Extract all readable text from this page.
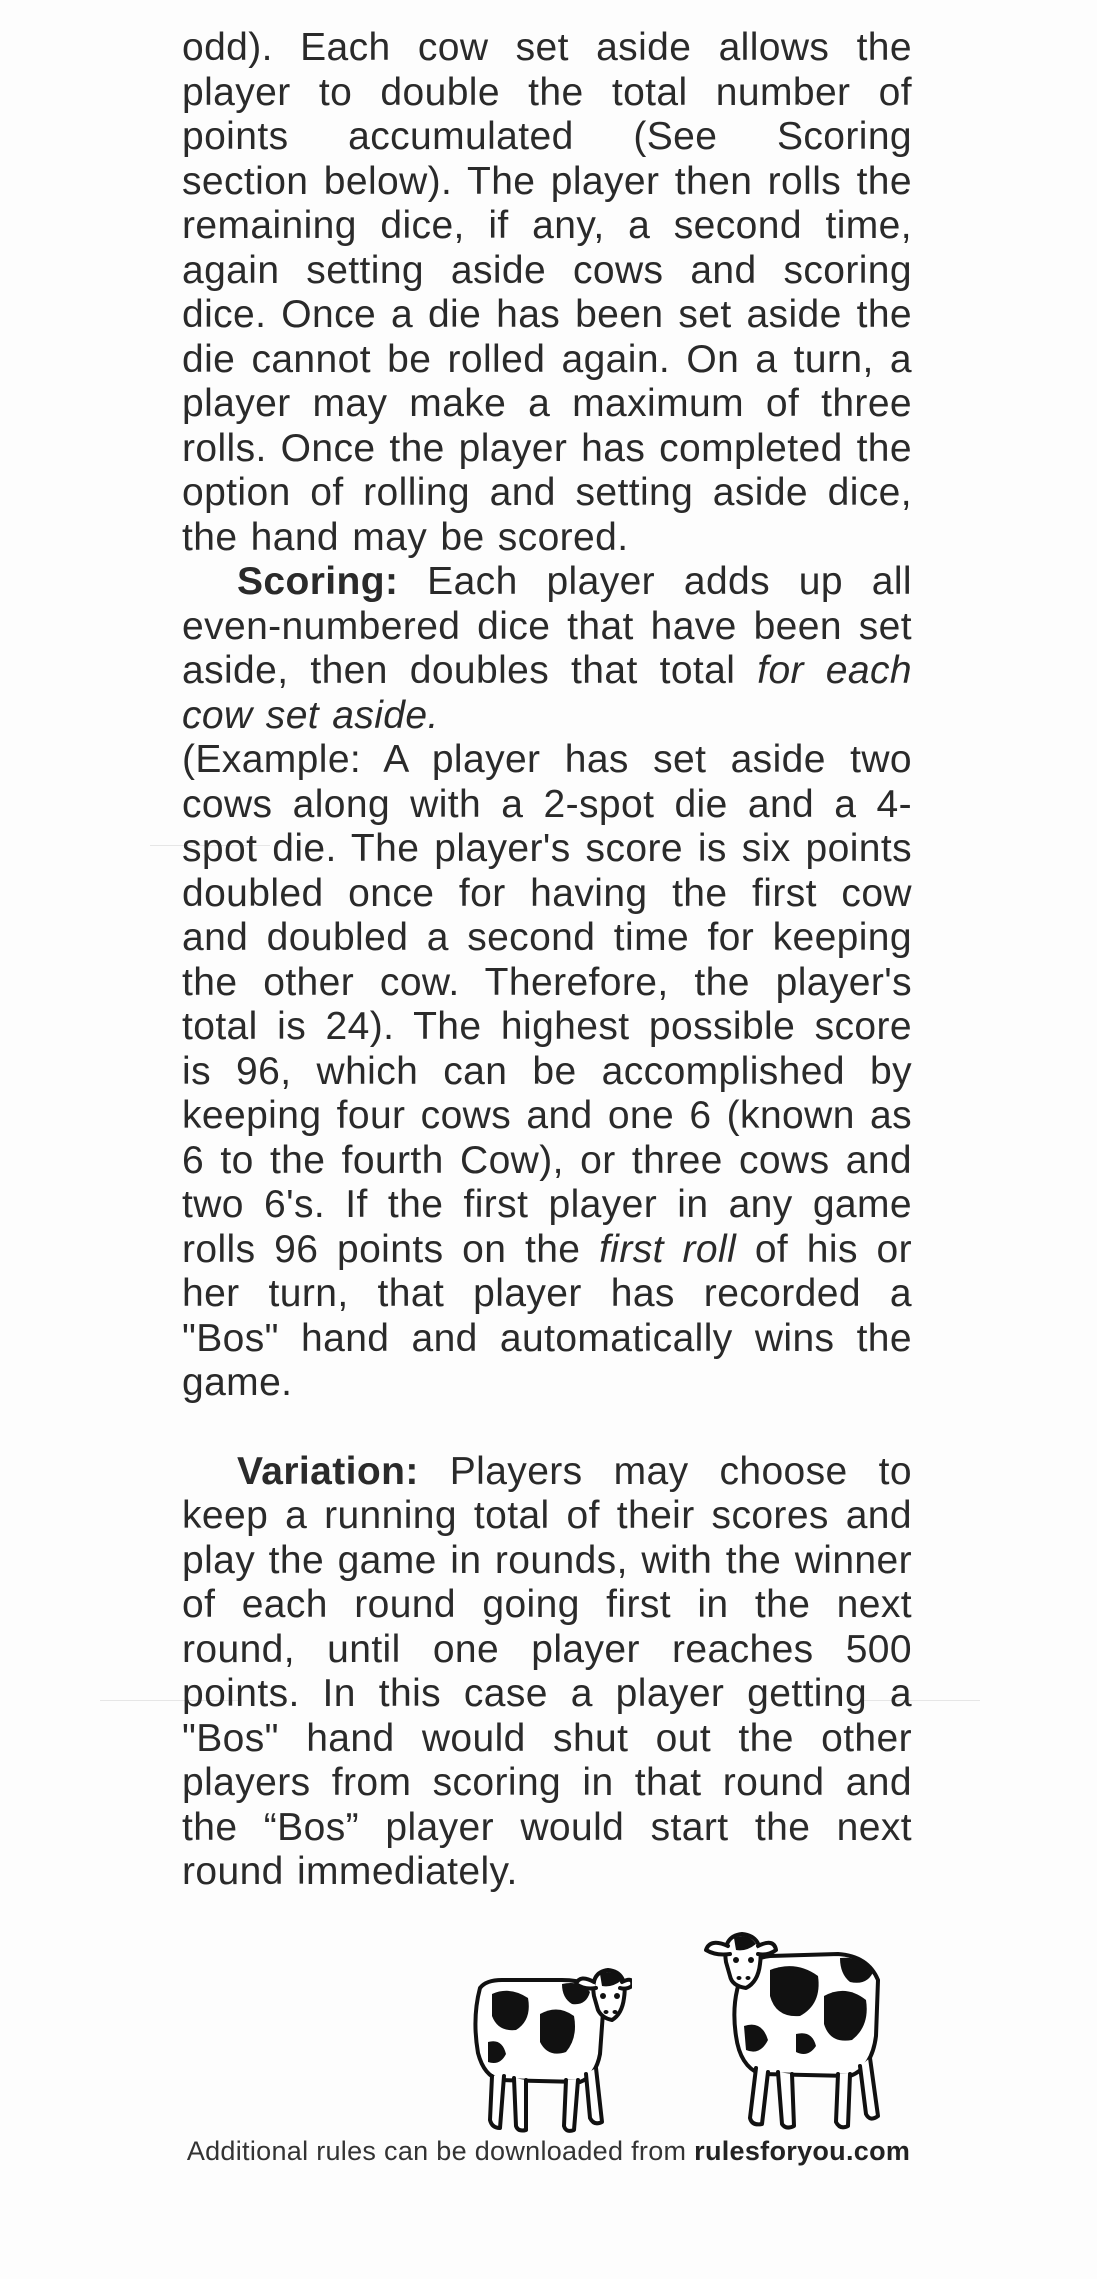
odd). Each cow set aside allows the player to double the total number of points accumulated (See Scoring section below). The player then rolls the remaining dice, if any, a second time, again setting aside cows and scoring dice. Once a die has been set aside the die cannot be rolled again. On a turn, a player may make a maximum of three rolls. Once the player has completed the option of rolling and setting aside dice, the hand may be scored.

Scoring: Each player adds up all even-numbered dice that have been set aside, then doubles that total for each cow set aside.

(Example: A player has set aside two cows along with a 2-spot die and a 4-spot die. The player's score is six points doubled once for having the first cow and doubled a second time for keeping the other cow. Therefore, the player's total is 24). The highest possible score is 96, which can be accomplished by keeping four cows and one 6 (known as 6 to the fourth Cow), or three cows and two 6's. If the first player in any game rolls 96 points on the first roll of his or her turn, that player has recorded a "Bos" hand and automatically wins the game.

Variation: Players may choose to keep a running total of their scores and play the game in rounds, with the winner of each round going first in the next round, until one player reaches 500 points. In this case a player getting a "Bos" hand would shut out the other players from scoring in that round and the “Bos” player would start the next round immediately.

Additional rules can be downloaded from rulesforyou.com
